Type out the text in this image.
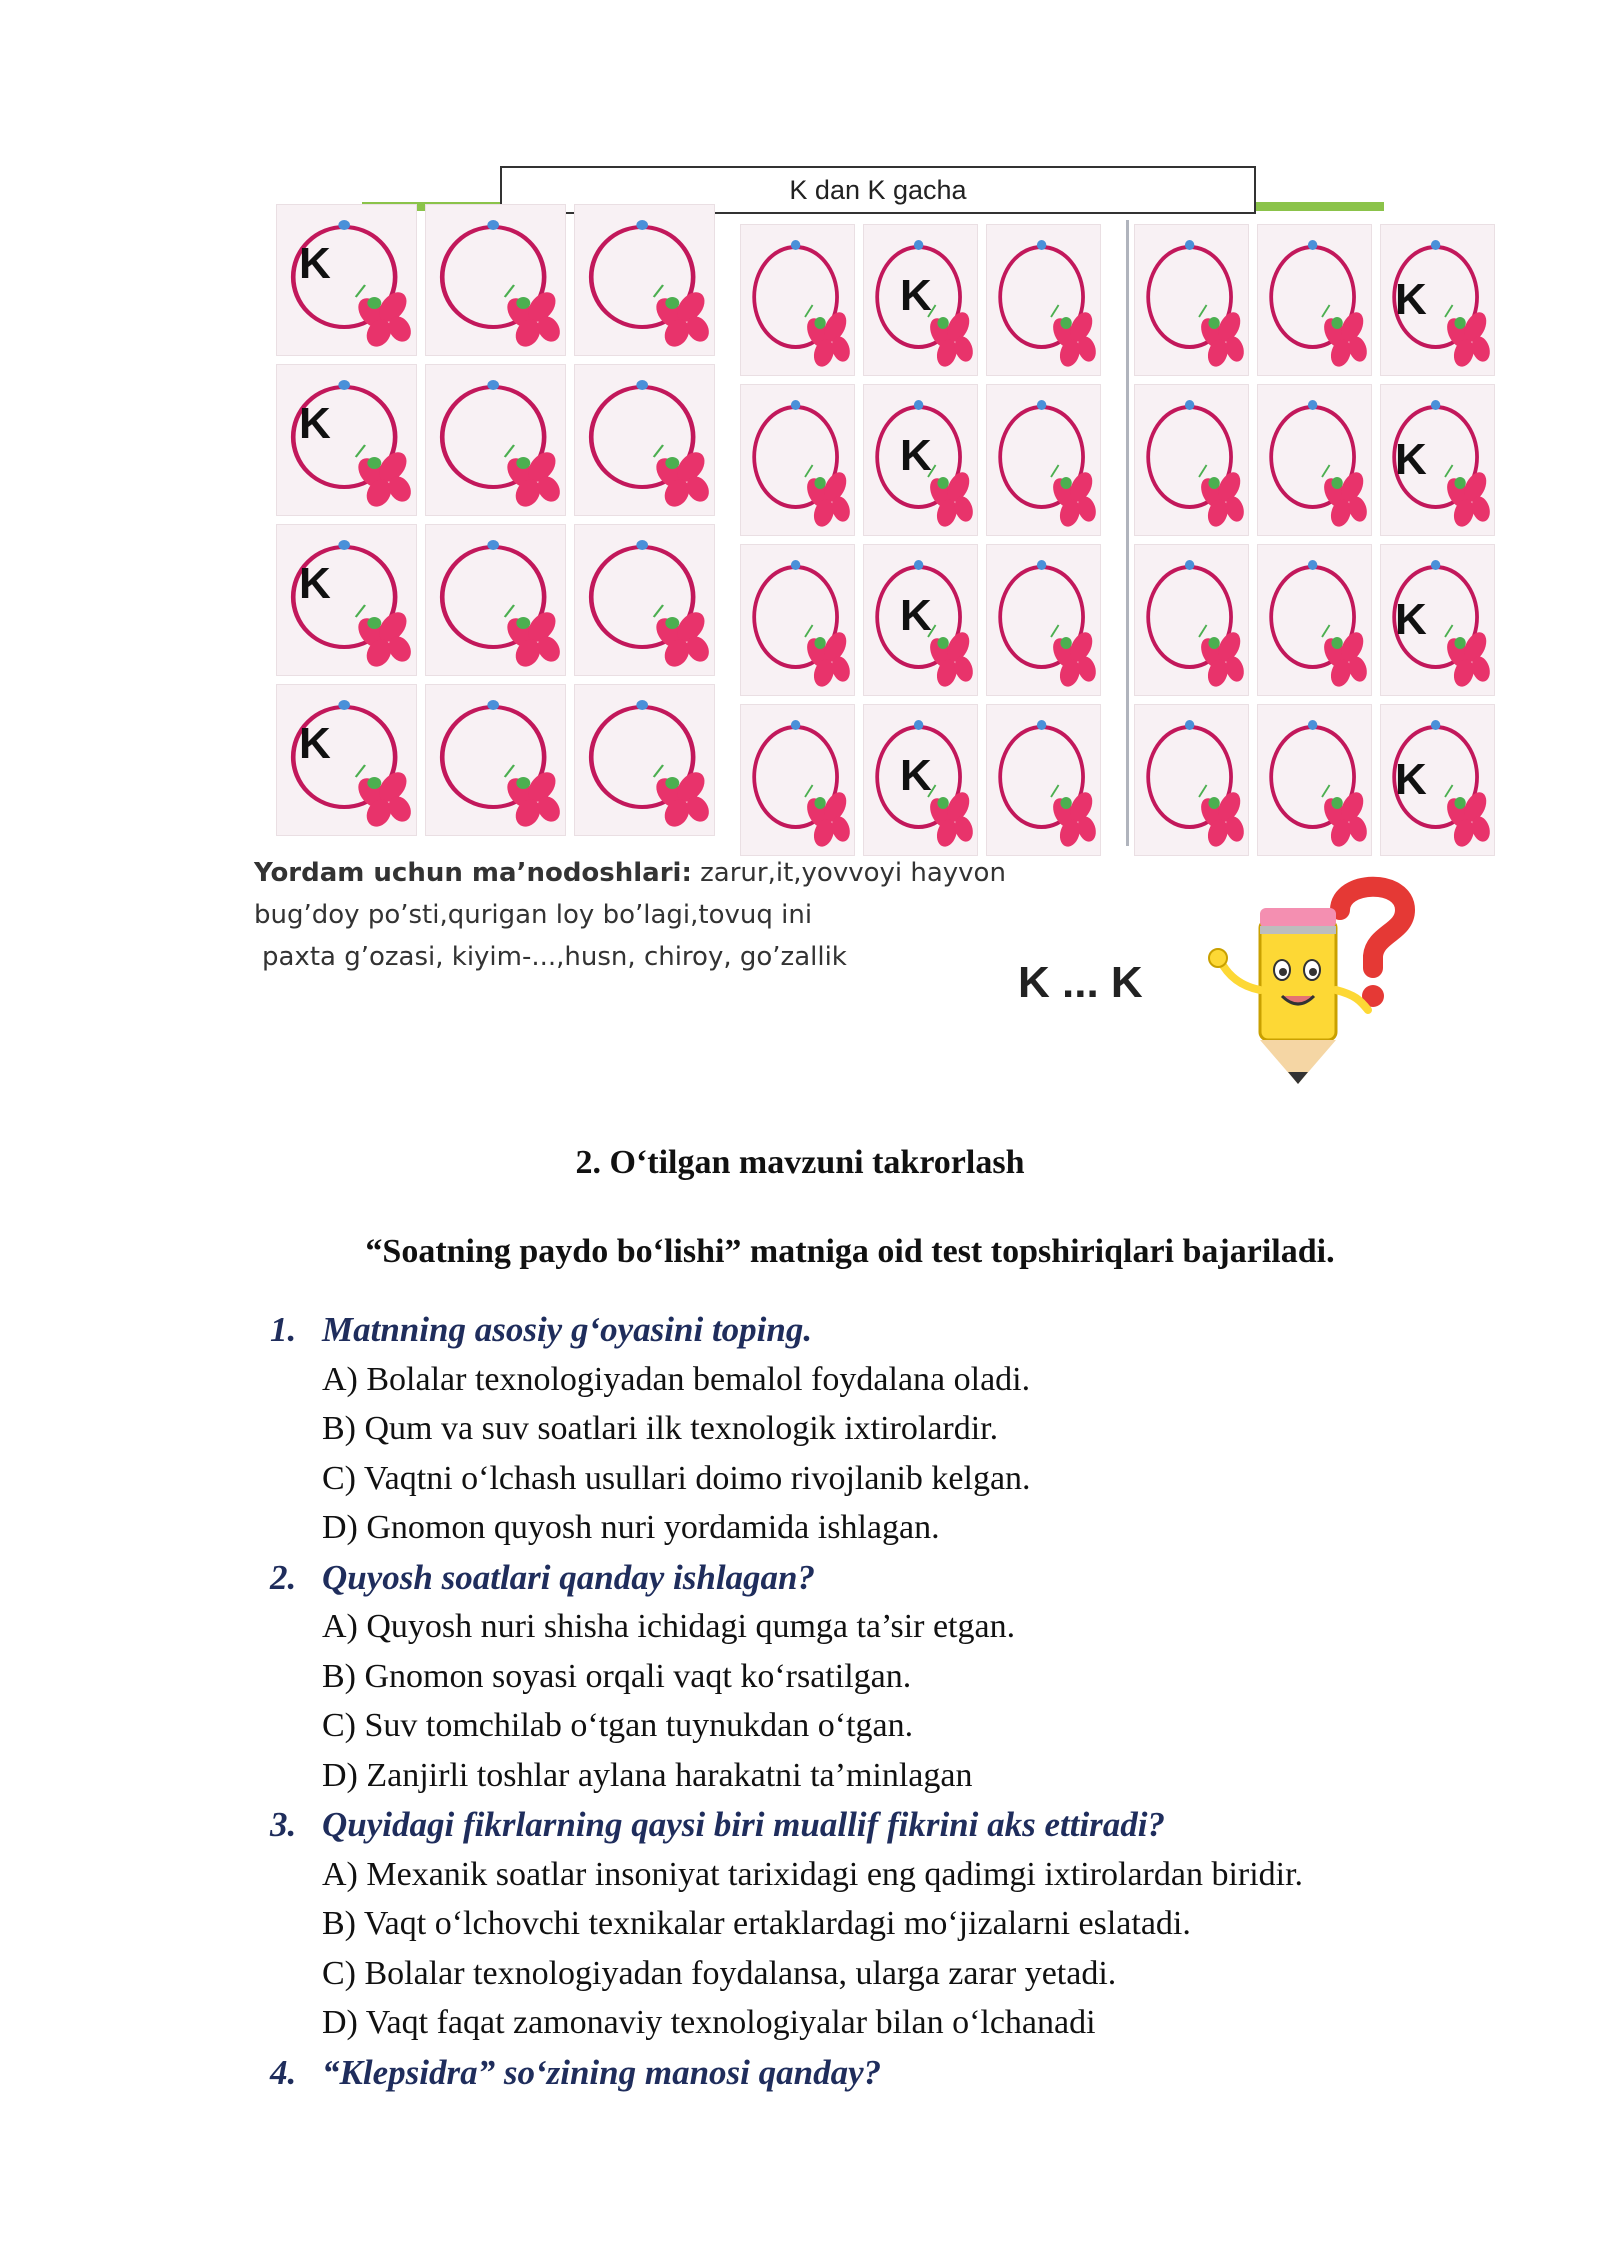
K dan K gacha
K
K
K
K
K
K
K
K
K
K
K
K
Yordam uchun ma’nodoshlari: zarur,it,yovvoyi hayvon
bug’doy po’sti,qurigan loy bo’lagi,tovuq ini
paxta g’ozasi, kiyim-...,husn, chiroy, go’zallik
K ... K
2. O‘tilgan mavzuni takrorlash
“Soatning paydo bo‘lishi” matniga oid test topshiriqlari bajariladi.
1. Matnning asosiy g‘oyasini toping.
A) Bolalar texnologiyadan bemalol foydalana oladi.
B) Qum va suv soatlari ilk texnologik ixtirolardir.
C) Vaqtni o‘lchash usullari doimo rivojlanib kelgan.
D) Gnomon quyosh nuri yordamida ishlagan.
2. Quyosh soatlari qanday ishlagan?
A) Quyosh nuri shisha ichidagi qumga ta’sir etgan.
B) Gnomon soyasi orqali vaqt ko‘rsatilgan.
C) Suv tomchilab o‘tgan tuynukdan o‘tgan.
D) Zanjirli toshlar aylana harakatni ta’minlagan
3. Quyidagi fikrlarning qaysi biri muallif fikrini aks ettiradi?
A) Mexanik soatlar insoniyat tarixidagi eng qadimgi ixtirolardan biridir.
B) Vaqt o‘lchovchi texnikalar ertaklardagi mo‘jizalarni eslatadi.
C) Bolalar texnologiyadan foydalansa, ularga zarar yetadi.
D) Vaqt faqat zamonaviy texnologiyalar bilan o‘lchanadi
4. “Klepsidra” so‘zining manosi qanday?
